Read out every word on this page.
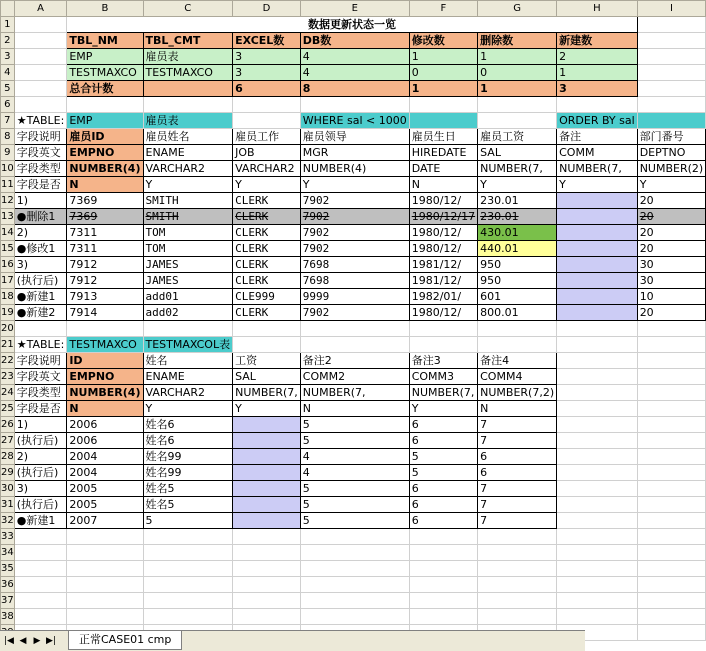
	A	B	C	D	E	F	G	H	I
1		数据更新状态一览							
2		TBL_NM	TBL_CMT	EXCEL数	DB数	修改数	删除数	新建数	
3		EMP	雇员表	3	4	1	1	2	
4		TESTMAXCO	TESTMAXCO	3	4	0	0	1	
5		总合计数		6	8	1	1	3	
6									
7	★TABLE:	EMP	雇员表		WHERE sal < 1000			ORDER BY sal	
8	字段说明	雇员ID	雇员姓名	雇员工作	雇员领导	雇员生日	雇员工资	备注	部门番号
9	字段英文	EMPNO	ENAME	JOB	MGR	HIREDATE	SAL	COMM	DEPTNO
10	字段类型	NUMBER(4)	VARCHAR2	VARCHAR2	NUMBER(4)	DATE	NUMBER(7,	NUMBER(7,	NUMBER(2)
11	字段是否	N	Y	Y	Y	N	Y	Y	Y
12	1)	7369	SMITH	CLERK	7902	1980/12/	230.01		20
13	●删除1	7369	SMITH	CLERK	7902	1980/12/17	230.01		20
14	2)	7311	TOM	CLERK	7902	1980/12/	430.01		20
15	●修改1	7311	TOM	CLERK	7902	1980/12/	440.01		20
16	3)	7912	JAMES	CLERK	7698	1981/12/	950		30
17	(执行后)	7912	JAMES	CLERK	7698	1981/12/	950		30
18	●新建1	7913	add01	CLE999	9999	1982/01/	601		10
19	●新建2	7914	add02	CLERK	7902	1980/12/	800.01		20
20									
21	★TABLE:	TESTMAXCO	TESTMAXCOL表						
22	字段说明	ID	姓名	工资	备注2	备注3	备注4		
23	字段英文	EMPNO	ENAME	SAL	COMM2	COMM3	COMM4		
24	字段类型	NUMBER(4)	VARCHAR2	NUMBER(7,	NUMBER(7,	NUMBER(7,	NUMBER(7,2)		
25	字段是否	N	Y	Y	N	Y	N		
26	1)	2006	姓名6		5	6	7		
27	(执行后)	2006	姓名6		5	6	7		
28	2)	2004	姓名99		4	5	6		
29	(执行后)	2004	姓名99		4	5	6		
30	3)	2005	姓名5		5	6	7		
31	(执行后)	2005	姓名5		5	6	7		
32	●新建1	2007	5		5	6	7		
33									
34									
35									
36									
37									
38									

|◀ ◀ ▶ ▶|	正常CASE01 cmp
